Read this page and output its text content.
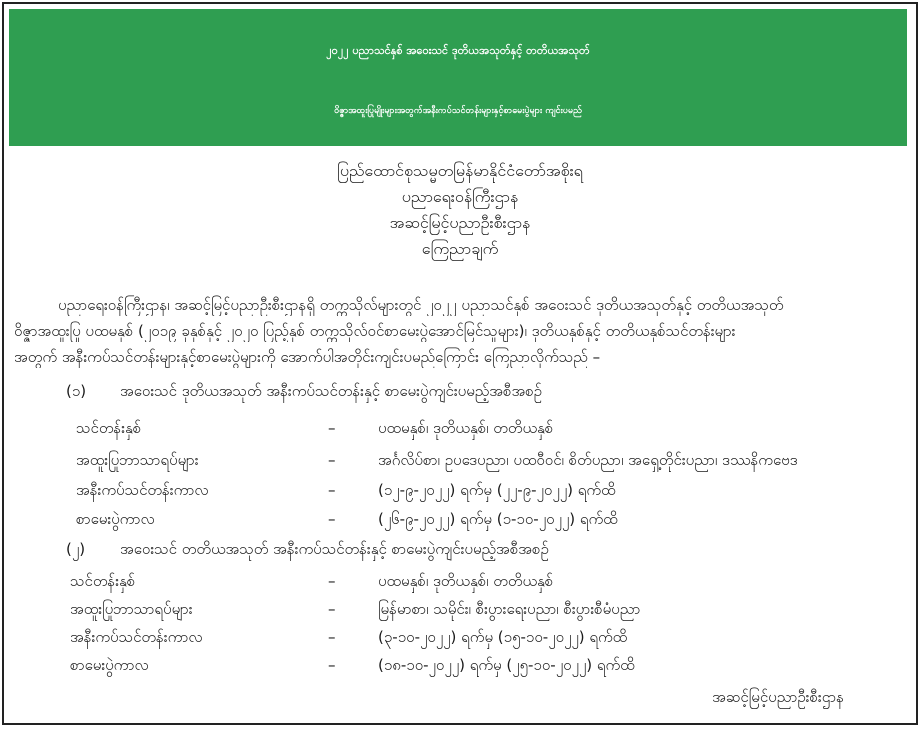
၂၀၂၂ ပညာသင်နှစ် အဝေးသင် ဒုတိယအသုတ်နှင့် တတိယအသုတ်
ဝိဇ္ဇာအထူးပြုမျိုးများအတွက်အနီးကပ်သင်တန်းများနှင့်စာမေးပွဲများ ကျင်းပမည်
ပြည်ထောင်စုသမ္မတမြန်မာနိုင်ငံတော်အစိုးရ
ပညာရေးဝန်ကြီးဌာန
အဆင့်မြင့်ပညာဦးစီးဌာန
ကြေညာချက်
ပညာရေးဝန်ကြီးဌာန၊ အဆင့်မြင့်ပညာဦးစီးဌာနရှိ တက္ကသိုလ်များတွင် ၂၀၂၂ ပညာသင်နှစ် အဝေးသင် ဒုတိယအသုတ်နှင့် တတိယအသုတ်
ဝိဇ္ဇာအထူးပြု ပထမနှစ် (၂၀၁၉ ခုနှစ်နှင့် ၂၀၂၀ ပြည့်နှစ် တက္ကသိုလ်ဝင်စာမေးပွဲအောင်မြင်သူများ)၊ ဒုတိယနှစ်နှင့် တတိယနှစ်သင်တန်းများ
အတွက် အနီးကပ်သင်တန်းများနှင့်စာမေးပွဲများကို အောက်ပါအတိုင်းကျင်းပမည်ကြောင်း ကြေညာလိုက်သည် –
(၁) အဝေးသင် ဒုတိယအသုတ် အနီးကပ်သင်တန်းနှင့် စာမေးပွဲကျင်းပမည့်အစီအစဉ်
သင်တန်းနှစ်	–	ပထမနှစ်၊ ဒုတိယနှစ်၊ တတိယနှစ်
အထူးပြုဘာသာရပ်များ	–	အင်္ဂလိပ်စာ၊ ဥပဒေပညာ၊ ပထဝီဝင်၊ စိတ်ပညာ၊ အရှေ့တိုင်းပညာ၊ ဒဿနိကဗေဒ
အနီးကပ်သင်တန်းကာလ	–	(၁၂-၉-၂၀၂၂) ရက်မှ (၂၂-၉-၂၀၂၂) ရက်ထိ
စာမေးပွဲကာလ	–	(၂၆-၉-၂၀၂၂) ရက်မှ (၁-၁၀-၂၀၂၂) ရက်ထိ
(၂) အဝေးသင် တတိယအသုတ် အနီးကပ်သင်တန်းနှင့် စာမေးပွဲကျင်းပမည့်အစီအစဉ်
သင်တန်းနှစ်	–	ပထမနှစ်၊ ဒုတိယနှစ်၊ တတိယနှစ်
အထူးပြုဘာသာရပ်များ	–	မြန်မာစာ၊ သမိုင်း၊ စီးပွားရေးပညာ၊ စီးပွားစီမံပညာ
အနီးကပ်သင်တန်းကာလ	–	(၃-၁၀-၂၀၂၂) ရက်မှ (၁၅-၁၀-၂၀၂၂) ရက်ထိ
စာမေးပွဲကာလ	–	(၁၈-၁၀-၂၀၂၂) ရက်မှ (၂၅-၁၀-၂၀၂၂) ရက်ထိ
အဆင့်မြင့်ပညာဦးစီးဌာန
